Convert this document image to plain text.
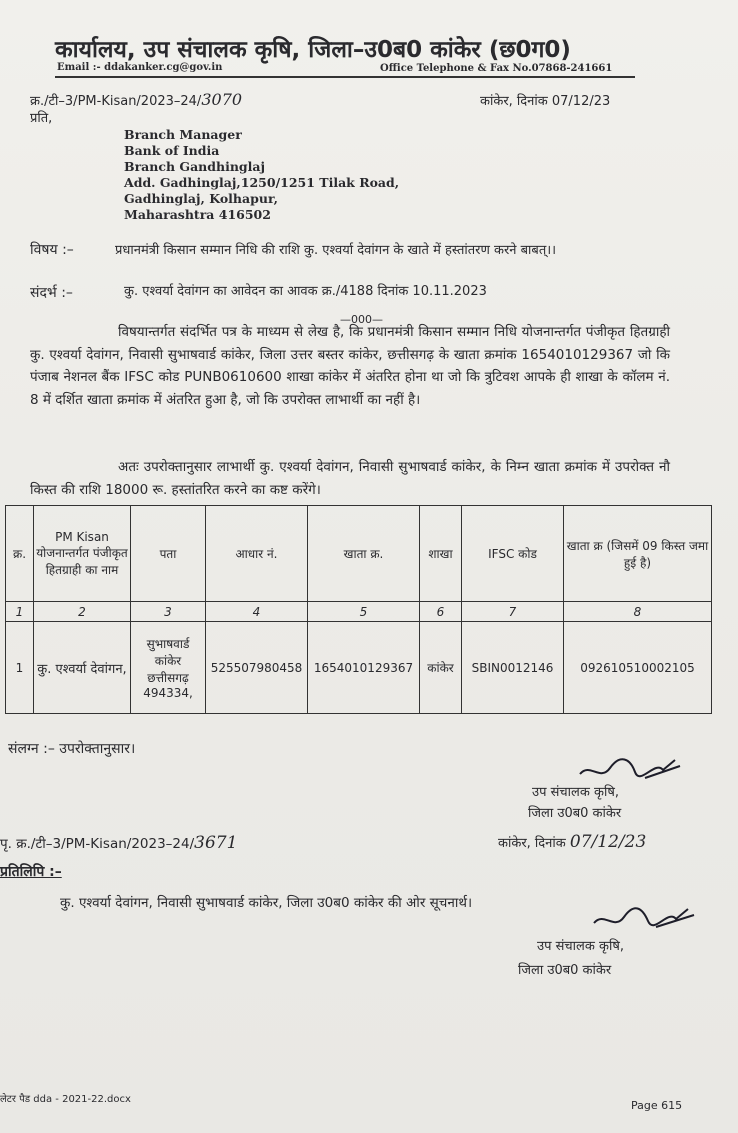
कार्यालय, उप संचालक कृषि, जिला–उ0ब0 कांकेर (छ0ग0)
Email :- ddakanker.cg@gov.in	Office Telephone & Fax No.07868-241661
क्र./टी–3/PM-Kisan/2023–24/3070	कांकेर, दिनांक 07/12/23
प्रति,
Branch Manager
Bank of India
Branch Gandhinglaj
Add. Gadhinglaj,1250/1251 Tilak Road,
Gadhinglaj, Kolhapur,
Maharashtra 416502
विषय :–	प्रधानमंत्री किसान सम्मान निधि की राशि कु. एश्वर्या देवांगन के खाते में हस्तांतरण करने बाबत्।।
संदर्भ :–	कु. एश्वर्या देवांगन का आवेदन का आवक क्र./4188 दिनांक 10.11.2023
—000—
विषयान्तर्गत संदर्भित पत्र के माध्यम से लेख है, कि प्रधानमंत्री किसान सम्मान निधि योजनान्तर्गत पंजीकृत हितग्राही कु. एश्वर्या देवांगन, निवासी सुभाषवार्ड कांकेर, जिला उत्तर बस्तर कांकेर, छत्तीसगढ़ के खाता क्रमांक 1654010129367 जो कि पंजाब नेशनल बैंक IFSC कोड PUNB0610600 शाखा कांकेर में अंतरित होना था जो कि त्रुटिवश आपके ही शाखा के कॉलम नं. 8 में दर्शित खाता क्रमांक में अंतरित हुआ है, जो कि उपरोक्त लाभार्थी का नहीं है।
अतः उपरोक्तानुसार लाभार्थी कु. एश्वर्या देवांगन, निवासी सुभाषवार्ड कांकेर, के निम्न खाता क्रमांक में उपरोक्त नौ किस्त की राशि 18000 रू. हस्तांतरित करने का कष्ट करेंगे।
क्र.	PM Kisan योजनान्तर्गत पंजीकृत हितग्राही का नाम	पता	आधार नं.	खाता क्र.	शाखा	IFSC कोड	खाता क्र (जिसमें 09 किस्त जमा हुई है)
1	2	3	4	5	6	7	8
1	कु. एश्वर्या देवांगन,	सुभाषवार्ड कांकेर छत्तीसगढ़ 494334,	525507980458	1654010129367	कांकेर	SBIN0012146	092610510002105
संलग्न :– उपरोक्तानुसार।
उप संचालक कृषि,
जिला उ0ब0 कांकेर
कांकेर, दिनांक 07/12/23
पृ. क्र./टी–3/PM-Kisan/2023–24/3671
प्रतिलिपि :–
कु. एश्वर्या देवांगन, निवासी सुभाषवार्ड कांकेर, जिला उ0ब0 कांकेर की ओर सूचनार्थ।
उप संचालक कृषि,
जिला उ0ब0 कांकेर
लेटर पैड dda - 2021-22.docx	Page 615
